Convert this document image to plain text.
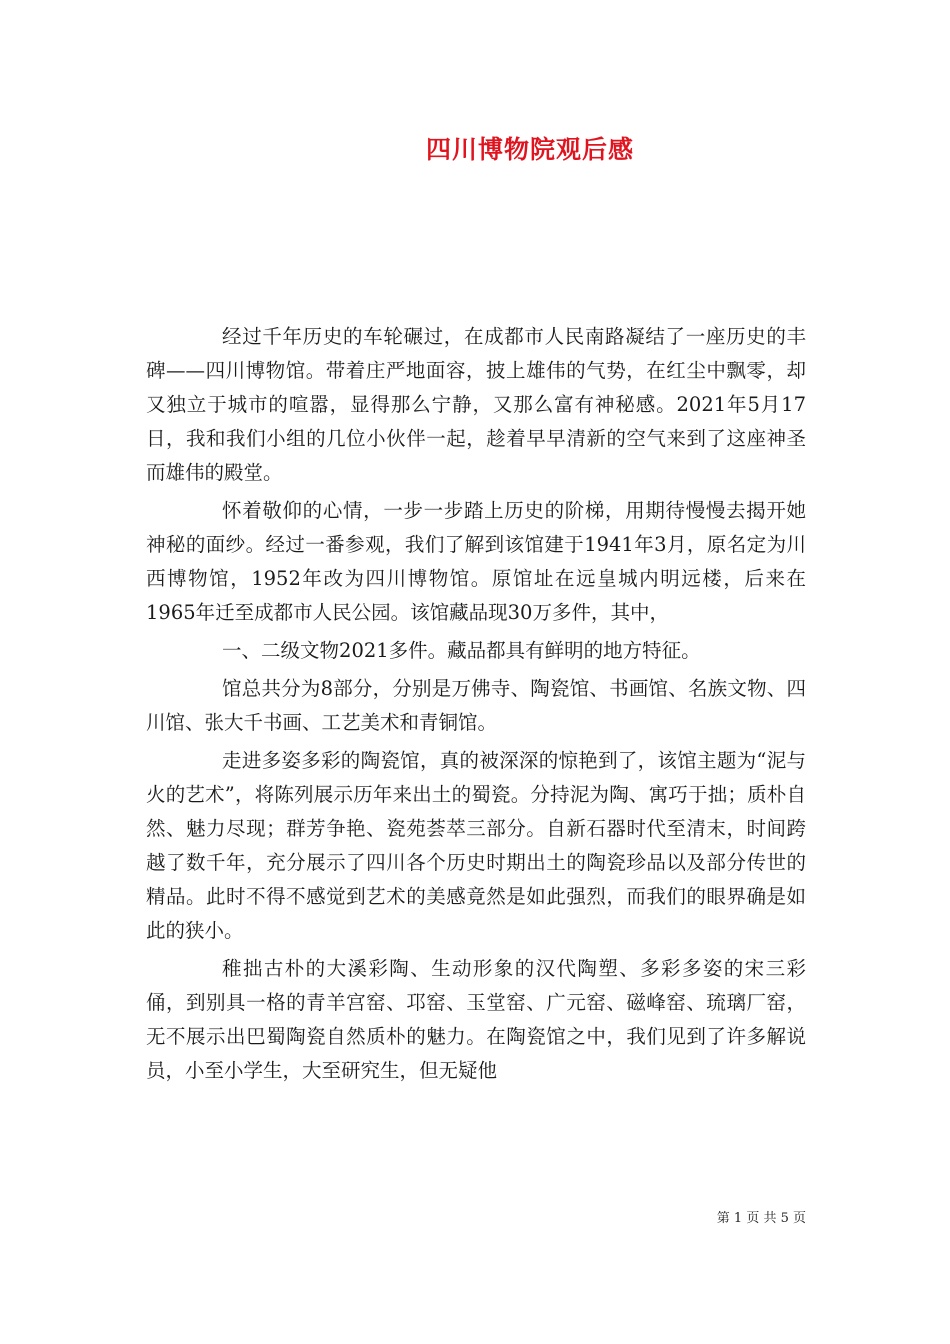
四川博物院观后感

经过千年历史的车轮碾过，在成都市人民南路凝结了一座历史的丰碑——四川博物馆。带着庄严地面容，披上雄伟的气势，在红尘中飘零，却又独立于城市的喧嚣，显得那么宁静，又那么富有神秘感。2021年5月17日，我和我们小组的几位小伙伴一起，趁着早早清新的空气来到了这座神圣而雄伟的殿堂。

怀着敬仰的心情，一步一步踏上历史的阶梯，用期待慢慢去揭开她神秘的面纱。经过一番参观，我们了解到该馆建于1941年3月，原名定为川西博物馆，1952年改为四川博物馆。原馆址在远皇城内明远楼，后来在1965年迁至成都市人民公园。该馆藏品现30万多件，其中，

一、二级文物2021多件。藏品都具有鲜明的地方特征。

馆总共分为8部分，分别是万佛寺、陶瓷馆、书画馆、名族文物、四川馆、张大千书画、工艺美术和青铜馆。

走进多姿多彩的陶瓷馆，真的被深深的惊艳到了，该馆主题为“泥与火的艺术”，将陈列展示历年来出土的蜀瓷。分持泥为陶、寓巧于拙；质朴自然、魅力尽现；群芳争艳、瓷苑荟萃三部分。自新石器时代至清末，时间跨越了数千年，充分展示了四川各个历史时期出土的陶瓷珍品以及部分传世的精品。此时不得不感觉到艺术的美感竟然是如此强烈，而我们的眼界确是如此的狭小。

稚拙古朴的大溪彩陶、生动形象的汉代陶塑、多彩多姿的宋三彩俑，到别具一格的青羊宫窑、邛窑、玉堂窑、广元窑、磁峰窑、琉璃厂窑，无不展示出巴蜀陶瓷自然质朴的魅力。在陶瓷馆之中，我们见到了许多解说员，小至小学生，大至研究生，但无疑他

第 1 页 共 5 页
